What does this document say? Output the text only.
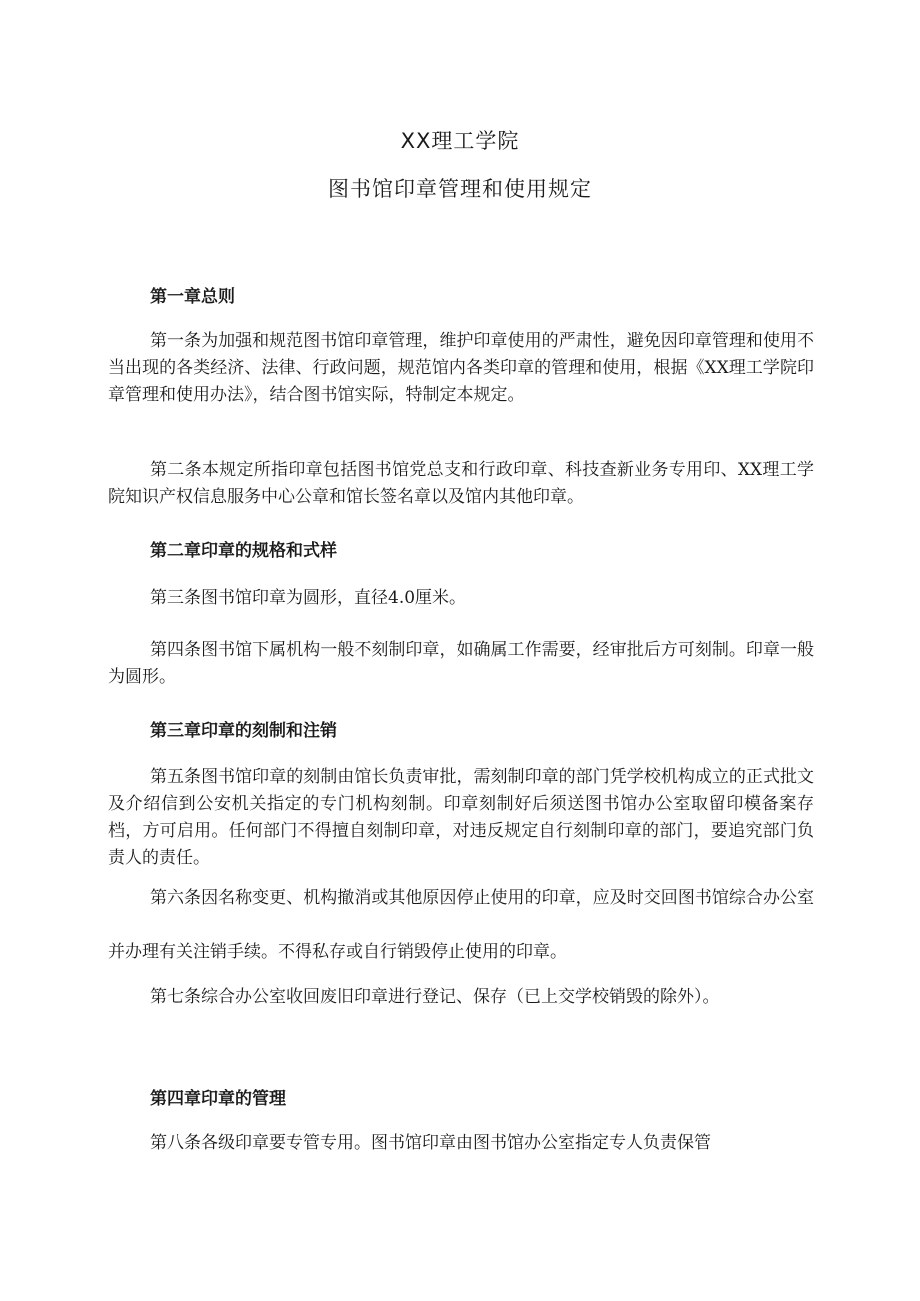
XX理工学院
图书馆印章管理和使用规定
第一章总则

第一条为加强和规范图书馆印章管理，维护印章使用的严肃性，避免因印章管理和使用不当出现的各类经济、法律、行政问题，规范馆内各类印章的管理和使用，根据《XX理工学院印章管理和使用办法》，结合图书馆实际，特制定本规定。

第二条本规定所指印章包括图书馆党总支和行政印章、科技查新业务专用印、XX理工学院知识产权信息服务中心公章和馆长签名章以及馆内其他印章。

第二章印章的规格和式样

第三条图书馆印章为圆形，直径4.0厘米。

第四条图书馆下属机构一般不刻制印章，如确属工作需要，经审批后方可刻制。印章一般为圆形。

第三章印章的刻制和注销

第五条图书馆印章的刻制由馆长负责审批，需刻制印章的部门凭学校机构成立的正式批文及介绍信到公安机关指定的专门机构刻制。印章刻制好后须送图书馆办公室取留印模备案存档，方可启用。任何部门不得擅自刻制印章，对违反规定自行刻制印章的部门，要追究部门负责人的责任。

第六条因名称变更、机构撤消或其他原因停止使用的印章，应及时交回图书馆综合办公室并办理有关注销手续。不得私存或自行销毁停止使用的印章。

第七条综合办公室收回废旧印章进行登记、保存（已上交学校销毁的除外）。

第四章印章的管理

第八条各级印章要专管专用。图书馆印章由图书馆办公室指定专人负责保管
